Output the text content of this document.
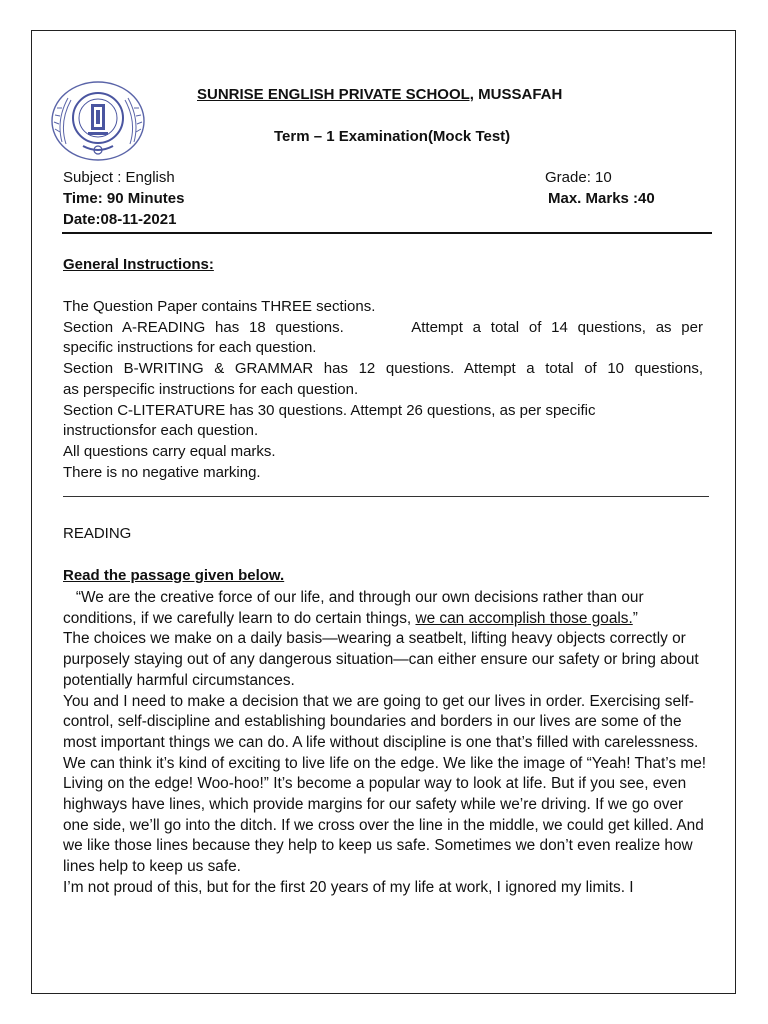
SUNRISE ENGLISH PRIVATE SCHOOL, MUSSAFAH
Term – 1 Examination(Mock Test)
Subject : English	Grade: 10
Time: 90 Minutes	Max. Marks :40
Date:08-11-2021
General Instructions:

The Question Paper contains THREE sections.

Section A-READING has 18 questions.       Attempt a total of 14 questions, as per

specific instructions for each question.

Section B-WRITING & GRAMMAR has 12 questions. Attempt a total of 10 questions,

as perspecific instructions for each question.

Section C-LITERATURE has 30 questions. Attempt 26 questions, as per specific

instructionsfor each question.

All questions carry equal marks.

There is no negative marking.

READING
Read the passage given below.

“We are the creative force of our life, and through our own decisions rather than our conditions, if we carefully learn to do certain things, we can accomplish those goals.”

The choices we make on a daily basis—wearing a seatbelt, lifting heavy objects correctly or purposely staying out of any dangerous situation—can either ensure our safety or bring about potentially harmful circumstances.

You and I need to make a decision that we are going to get our lives in order. Exercising self-control, self-discipline and establishing boundaries and borders in our lives are some of the most important things we can do. A life without discipline is one that’s filled with carelessness.

We can think it’s kind of exciting to live life on the edge. We like the image of “Yeah! That’s me! Living on the edge! Woo-hoo!” It’s become a popular way to look at life. But if you see, even highways have lines, which provide margins for our safety while we’re driving. If we go over one side, we’ll go into the ditch. If we cross over the line in the middle, we could get killed. And we like those lines because they help to keep us safe. Sometimes we don’t even realize how lines help to keep us safe.

I’m not proud of this, but for the first 20 years of my life at work, I ignored my limits. I
